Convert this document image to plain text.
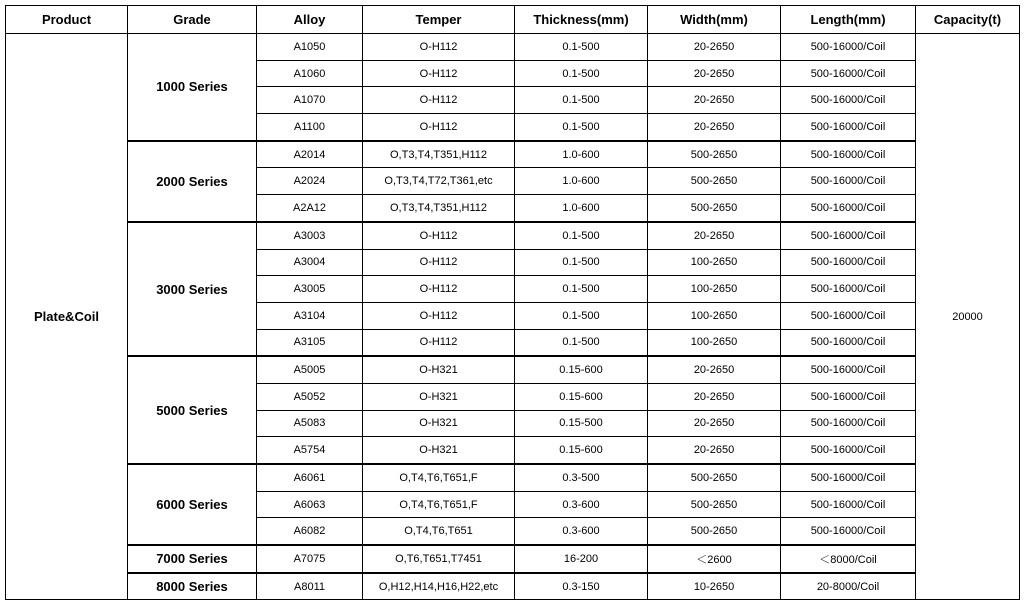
Product	Grade	Alloy	Temper	Thickness(mm)	Width(mm)	Length(mm)	Capacity(t)
Plate&Coil	1000 Series	A1050	O-H112	0.1-500	20-2650	500-16000/Coil	20000
		A1060	O-H112	0.1-500	20-2650	500-16000/Coil	
		A1070	O-H112	0.1-500	20-2650	500-16000/Coil	
		A1100	O-H112	0.1-500	20-2650	500-16000/Coil	
	2000 Series	A2014	O,T3,T4,T351,H112	1.0-600	500-2650	500-16000/Coil	
		A2024	O,T3,T4,T72,T361,etc	1.0-600	500-2650	500-16000/Coil	
		A2A12	O,T3,T4,T351,H112	1.0-600	500-2650	500-16000/Coil	
	3000 Series	A3003	O-H112	0.1-500	20-2650	500-16000/Coil	
		A3004	O-H112	0.1-500	100-2650	500-16000/Coil	
		A3005	O-H112	0.1-500	100-2650	500-16000/Coil	
		A3104	O-H112	0.1-500	100-2650	500-16000/Coil	
		A3105	O-H112	0.1-500	100-2650	500-16000/Coil	
	5000 Series	A5005	O-H321	0.15-600	20-2650	500-16000/Coil	
		A5052	O-H321	0.15-600	20-2650	500-16000/Coil	
		A5083	O-H321	0.15-500	20-2650	500-16000/Coil	
		A5754	O-H321	0.15-600	20-2650	500-16000/Coil	
	6000 Series	A6061	O,T4,T6,T651,F	0.3-500	500-2650	500-16000/Coil	
		A6063	O,T4,T6,T651,F	0.3-600	500-2650	500-16000/Coil	
		A6082	O,T4,T6,T651	0.3-600	500-2650	500-16000/Coil	
	7000 Series	A7075	O,T6,T651,T7451	16-200	＜2600	＜8000/Coil	
	8000 Series	A8011	O,H12,H14,H16,H22,etc	0.3-150	10-2650	20-8000/Coil	
